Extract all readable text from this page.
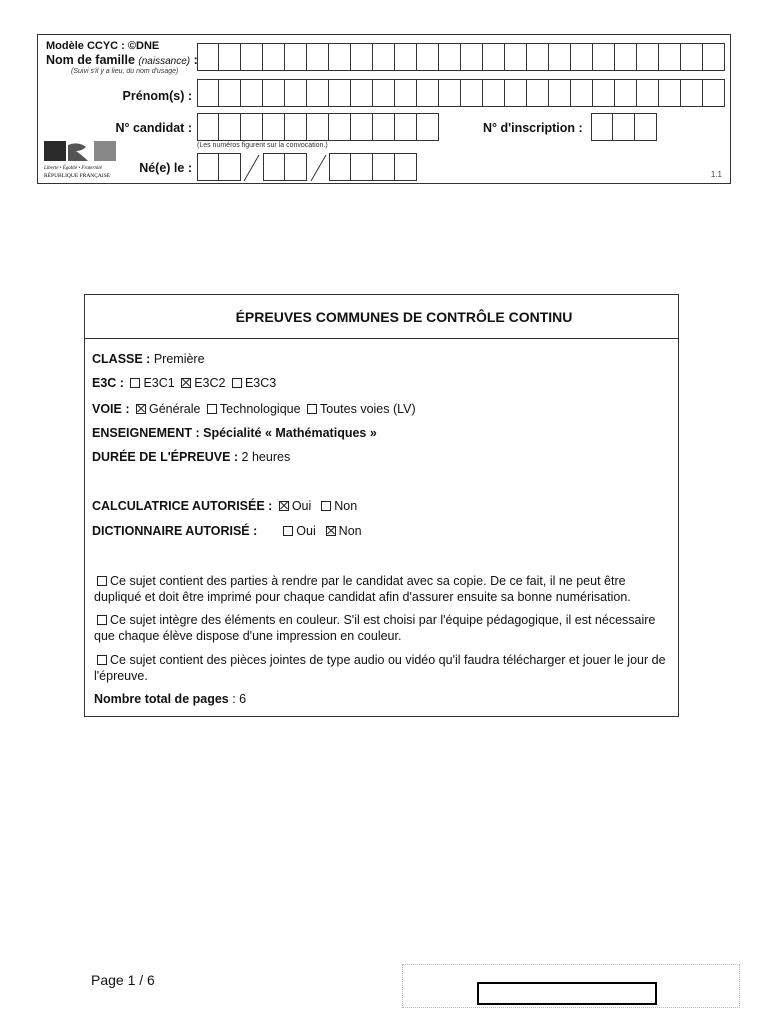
Modèle CCYC : ©DNE
Nom de famille (naissance) :
(Suivi s'il y a lieu, du nom d'usage)
Prénom(s) :
N° candidat :
(Les numéros figurent sur la convocation.)
N° d'inscription :
Liberté • Égalité • Fraternité
RÉPUBLIQUE FRANÇAISE
Né(e) le :	1.1
ÉPREUVES COMMUNES DE CONTRÔLE CONTINU
CLASSE : Première
E3C : E3C1 E3C2 E3C3
VOIE : Générale Technologique Toutes voies (LV)
ENSEIGNEMENT : Spécialité « Mathématiques »
DURÉE DE L'ÉPREUVE : 2 heures
CALCULATRICE AUTORISÉE : Oui Non
DICTIONNAIRE AUTORISÉ :	Oui Non
Ce sujet contient des parties à rendre par le candidat avec sa copie. De ce fait, il ne peut être dupliqué et doit être imprimé pour chaque candidat afin d'assurer ensuite sa bonne numérisation.
Ce sujet intègre des éléments en couleur. S'il est choisi par l'équipe pédagogique, il est nécessaire que chaque élève dispose d'une impression en couleur.
Ce sujet contient des pièces jointes de type audio ou vidéo qu'il faudra télécharger et jouer le jour de l'épreuve.
Nombre total de pages : 6
Page 1 / 6
